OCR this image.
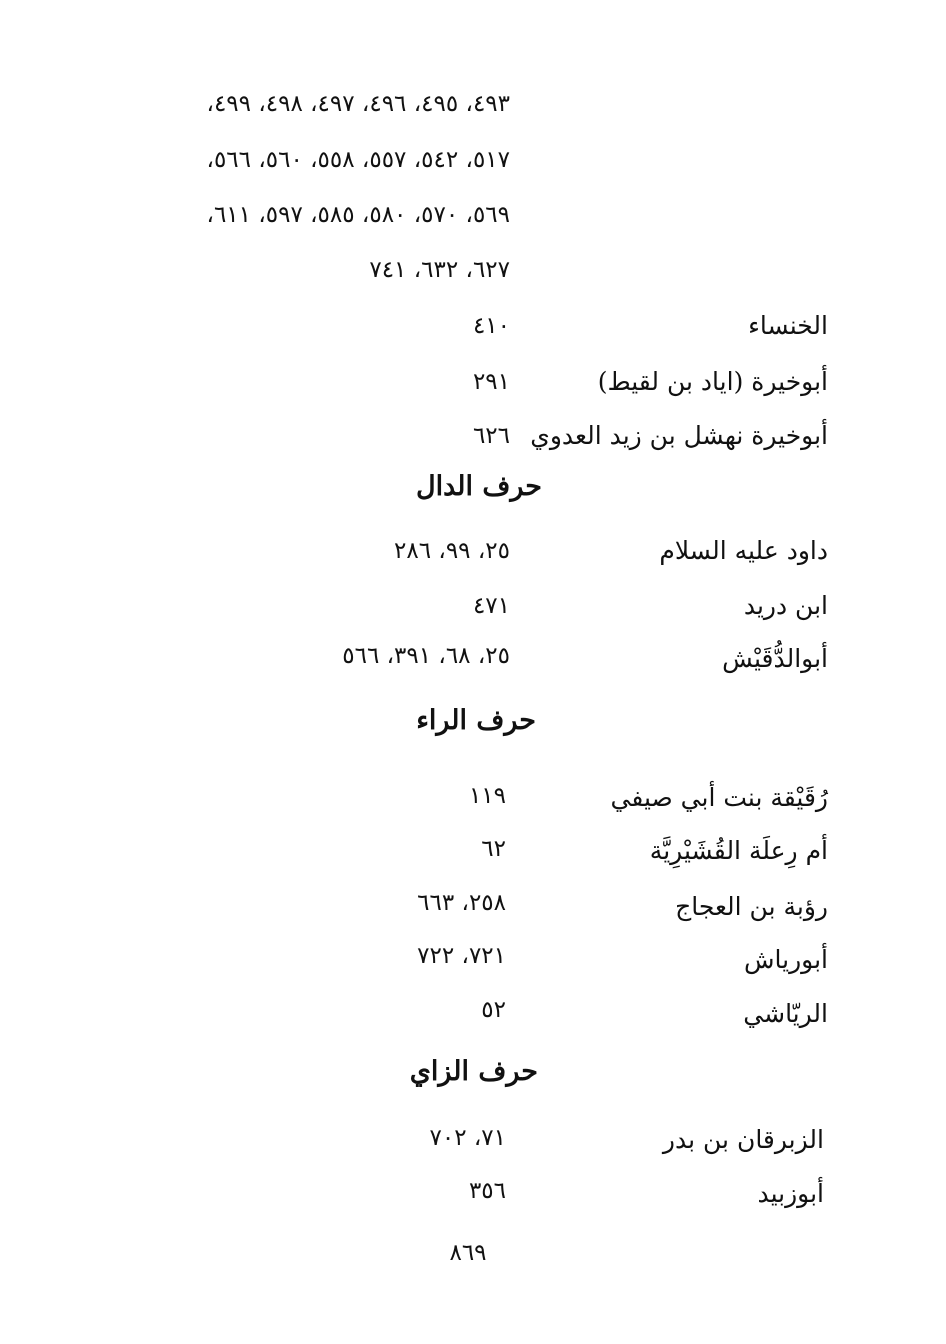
٤٩٣، ٤٩٥، ٤٩٦، ٤٩٧، ٤٩٨، ٤٩٩،
٥١٧، ٥٤٢، ٥٥٧، ٥٥٨، ٥٦٠، ٥٦٦،
٥٦٩، ٥٧٠، ٥٨٠، ٥٨٥، ٥٩٧، ٦١١،
٦٢٧، ٦٣٢، ٧٤١
الخنساء
٤١٠
أبوخيرة (اياد بن لقيط)
٢٩١
أبوخيرة نهشل بن زيد العدوي
٦٢٦
حرف الدال
داود عليه السلام
٢٥، ٩٩، ٢٨٦
ابن دريد
٤٧١
أبوالدُّقَيْش
٢٥، ٦٨، ٣٩١، ٥٦٦
حرف الراء
رُقَيْقة بنت أبي صيفي
١١٩
أم رِعلَة القُشَيْرِيَّة
٦٢
رؤبة بن العجاج
٢٥٨، ٦٦٣
أبورياش
٧٢١، ٧٢٢
الريّاشي
٥٢
حرف الزاي
الزبرقان بن بدر
٧١، ٧٠٢
أبوزبيد
٣٥٦
٨٦٩
